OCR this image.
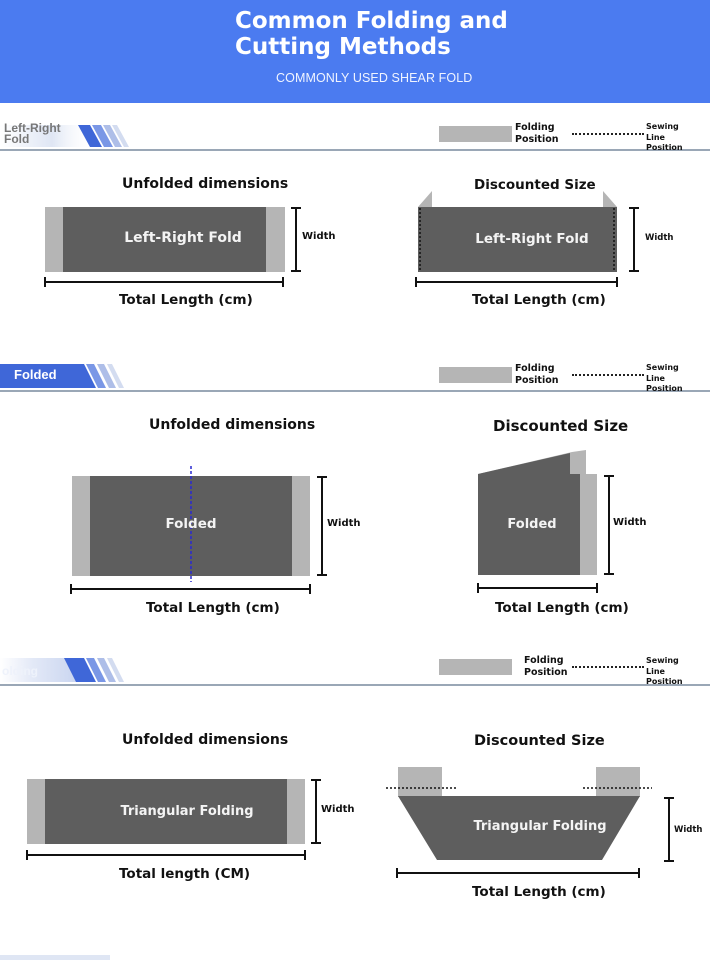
Common Folding and
Cutting Methods
COMMONLY USED SHEAR FOLD
Left-Right
Fold
Folding
Position
Sewing
Line
Position
Folded	Folding
Position
Sewing
Line
Position
olding
Folding
Position
Sewing
Line
Position
Unfolded dimensions	Discounted Size
Left-Right Fold	Left-Right Fold
Width	Width
Total Length (cm)	Total Length (cm)
Unfolded dimensions	Discounted Size
Folded	Folded
Width	Width
Total Length (cm)	Total Length (cm)
Unfolded dimensions	Discounted Size
Triangular Folding
Triangular Folding
Width
Width
Total length (CM)
Total Length (cm)
